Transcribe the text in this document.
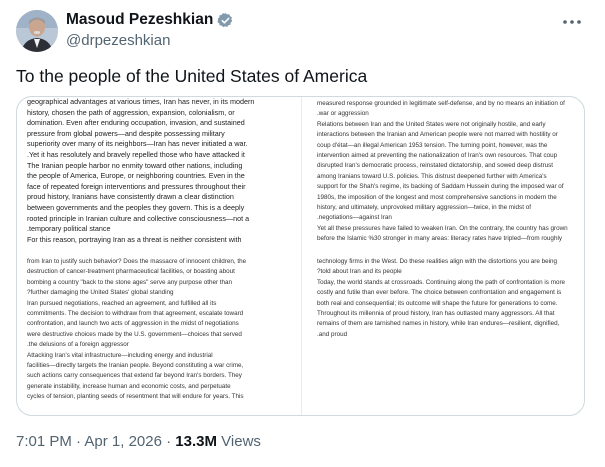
Masoud Pezeshkian
@drpezeshkian
To the people of the United States of America
geographical advantages at various times, Iran has never, in its modern
history, chosen the path of aggression, expansion, colonialism, or
domination. Even after enduring occupation, invasion, and sustained
pressure from global powers—and despite possessing military
superiority over many of its neighbors—Iran has never initiated a war.
.Yet it has resolutely and bravely repelled those who have attacked it
The Iranian people harbor no enmity toward other nations, including
the people of America, Europe, or neighboring countries. Even in the
face of repeated foreign interventions and pressures throughout their
proud history, Iranians have consistently drawn a clear distinction
between governments and the peoples they govern. This is a deeply
rooted principle in Iranian culture and collective consciousness—not a
.temporary political stance
For this reason, portraying Iran as a threat is neither consistent with
measured response grounded in legitimate self-defense, and by no means an initiation of
.war or aggression
Relations between Iran and the United States were not originally hostile, and early
interactions between the Iranian and American people were not marred with hostility or
coup d'état—an illegal American 1953 tension. The turning point, however, was the
intervention aimed at preventing the nationalization of Iran's own resources. That coup
disrupted Iran's democratic process, reinstated dictatorship, and sowed deep distrust
among Iranians toward U.S. policies. This distrust deepened further with America's
support for the Shah's regime, its backing of Saddam Hussein during the imposed war of
1980s, the imposition of the longest and most comprehensive sanctions in modern the
history, and ultimately, unprovoked military aggression—twice, in the midst of
.negotiations—against Iran
Yet all these pressures have failed to weaken Iran. On the contrary, the country has grown
before the Islamic %30 stronger in many areas: literacy rates have tripled—from roughly
from Iran to justify such behavior? Does the massacre of innocent children, the
destruction of cancer-treatment pharmaceutical facilities, or boasting about
bombing a country "back to the stone ages" serve any purpose other than
?further damaging the United States' global standing
Iran pursued negotiations, reached an agreement, and fulfilled all its
commitments. The decision to withdraw from that agreement, escalate toward
confrontation, and launch two acts of aggression in the midst of negotiations
were destructive choices made by the U.S. government—choices that served
.the delusions of a foreign aggressor
Attacking Iran's vital infrastructure—including energy and industrial
facilities—directly targets the Iranian people. Beyond constituting a war crime,
such actions carry consequences that extend far beyond Iran's borders. They
generate instability, increase human and economic costs, and perpetuate
cycles of tension, planting seeds of resentment that will endure for years. This
technology firms in the West. Do these realities align with the distortions you are being
?told about Iran and its people
Today, the world stands at crossroads. Continuing along the path of confrontation is more
costly and futile than ever before. The choice between confrontation and engagement is
both real and consequential; its outcome will shape the future for generations to come.
Throughout its millennia of proud history, Iran has outlasted many aggressors. All that
remains of them are tarnished names in history, while Iran endures—resilient, dignified,
.and proud
7:01 PM · Apr 1, 2026 · 13.3M Views
